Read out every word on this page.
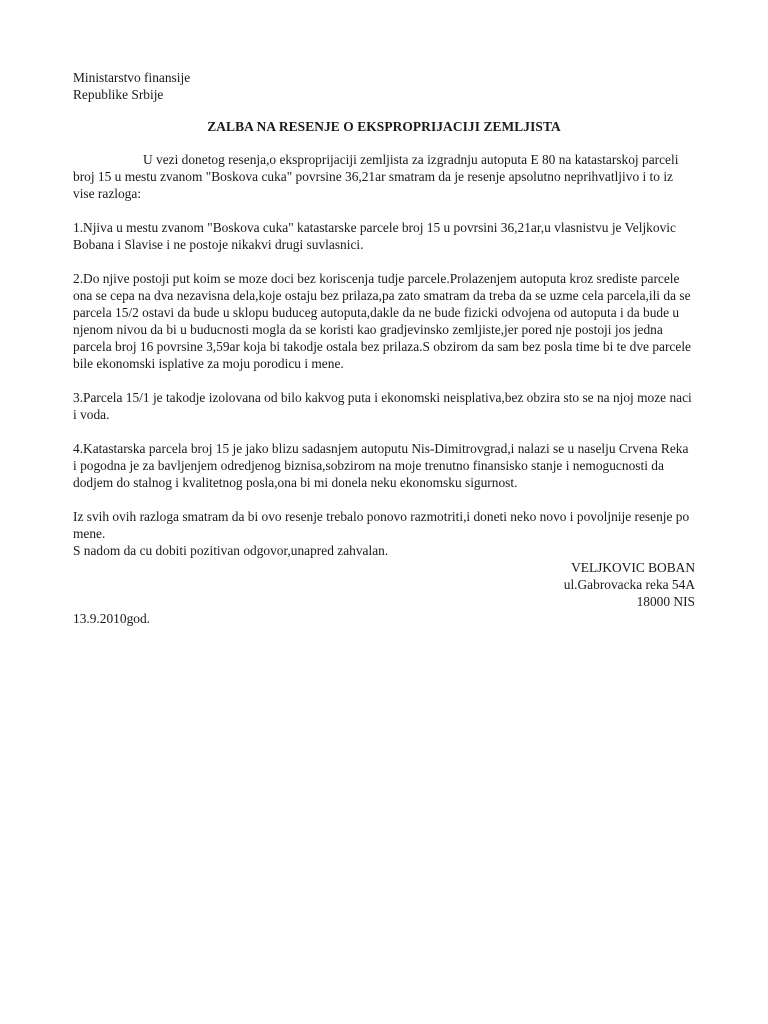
Ministarstvo finansije
Republike Srbije
ZALBA NA RESENJE O EKSPROPRIJACIJI ZEMLJISTA

U vezi donetog resenja,o eksproprijaciji zemljista za izgradnju autoputa E 80 na katastarskoj parceli broj 15 u mestu zvanom "Boskova cuka" povrsine 36,21ar smatram da je resenje apsolutno neprihvatljivo i to iz vise razloga:

1.Njiva u mestu zvanom "Boskova cuka" katastarske parcele broj 15 u povrsini 36,21ar,u vlasnistvu je Veljkovic Bobana i Slavise i ne postoje nikakvi drugi suvlasnici.

2.Do njive postoji put koim se moze doci bez koriscenja tudje parcele.Prolazenjem autoputa kroz srediste parcele ona se cepa na dva nezavisna dela,koje ostaju bez prilaza,pa zato smatram da treba da se uzme cela parcela,ili da se parcela 15/2 ostavi da bude u sklopu buduceg autoputa,dakle da ne bude fizicki odvojena od autoputa i da bude u njenom nivou da bi u buducnosti mogla da se koristi kao gradjevinsko zemljiste,jer pored nje postoji jos jedna parcela broj 16 povrsine 3,59ar koja bi takodje ostala bez prilaza.S obzirom da sam bez posla time bi te dve parcele bile ekonomski isplative za moju porodicu i mene.

3.Parcela 15/1 je takodje izolovana od bilo kakvog puta i ekonomski neisplativa,bez obzira sto se na njoj moze naci i voda.

4.Katastarska parcela broj 15 je jako blizu sadasnjem autoputu Nis-Dimitrovgrad,i nalazi se u naselju Crvena Reka i pogodna je za bavljenjem odredjenog biznisa,sobzirom na moje trenutno finansisko stanje i nemogucnosti da dodjem do stalnog i kvalitetnog posla,ona bi mi donela neku ekonomsku sigurnost.

Iz svih ovih razloga smatram da bi ovo resenje trebalo ponovo razmotriti,i doneti neko novo i povoljnije resenje po mene.

S nadom da cu dobiti pozitivan odgovor,unapred zahvalan.

VELJKOVIC BOBAN
ul.Gabrovacka reka 54A
18000 NIS
13.9.2010god.
